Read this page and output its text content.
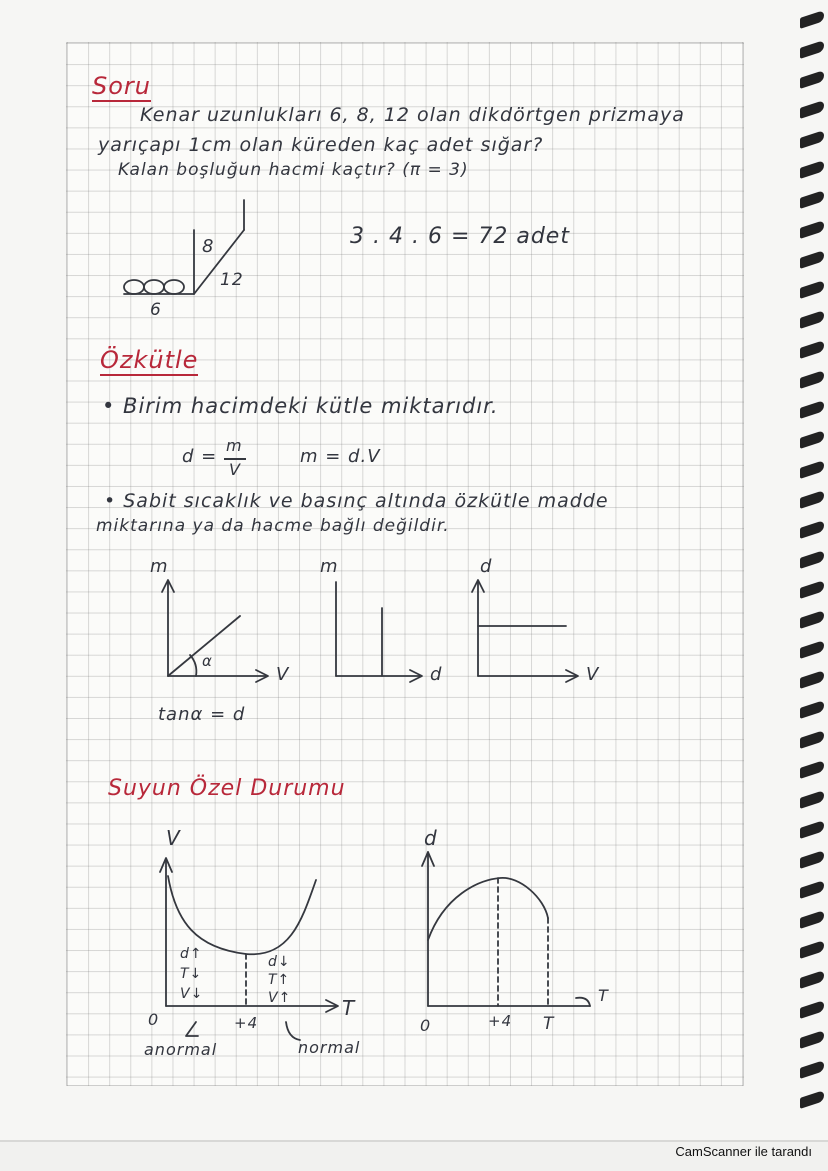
Soru
Kenar uzunlukları 6, 8, 12 olan dikdörtgen prizmaya
yarıçapı 1cm olan küreden kaç adet sığar?
Kalan boşluğun hacmi kaçtır? (π = 3)
8
12
6
3 . 4 . 6 = 72 adet
Özkütle
• Birim hacimdeki kütle miktarıdır.
d =
m
V
m = d.V
• Sabit sıcaklık ve basınç altında özkütle madde
miktarına ya da hacme bağlı değildir.
m
V
α
m
d
d
V
tanα = d
Suyun Özel Durumu
V
T
0	+4
d↑
T↓
V↓
d↓
T↑
V↑
anormal	normal
d
T
0	+4 T
CamScanner ile tarandı
